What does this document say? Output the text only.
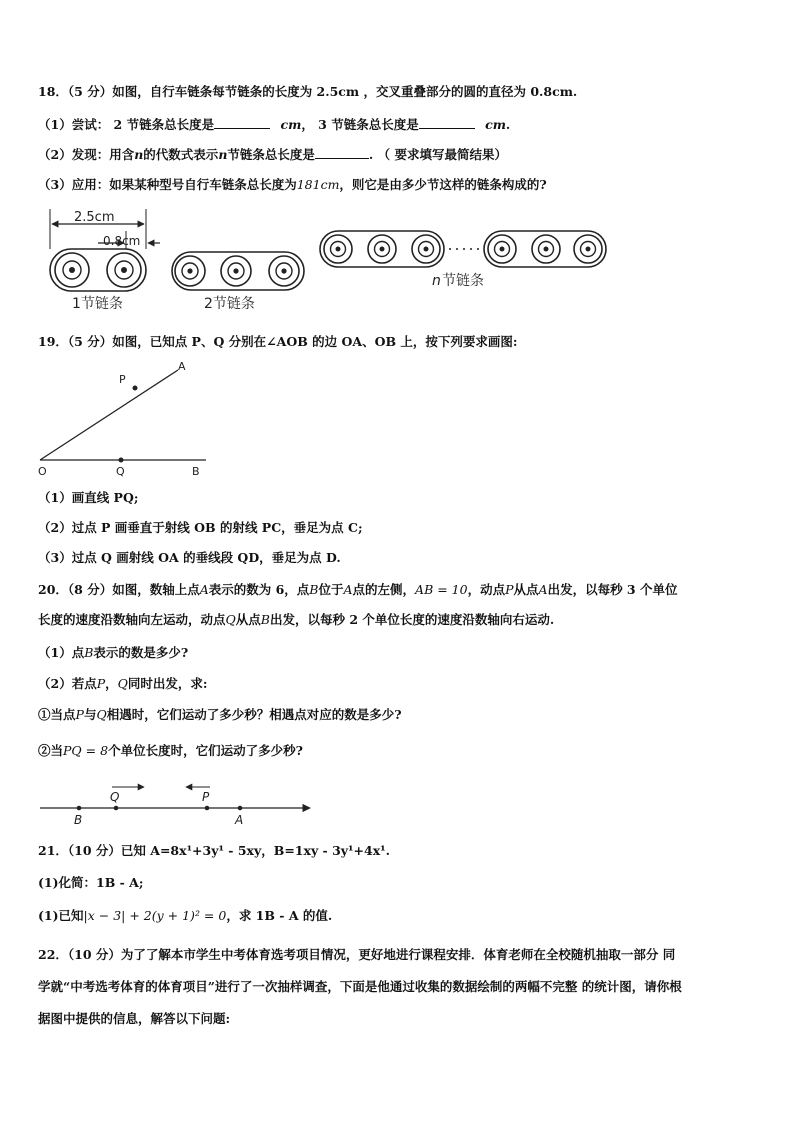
18．（5 分）如图，自行车链条每节链条的长度为 2.5cm ，交叉重叠部分的圆的直径为 0.8cm.
（1）尝试： 2 节链条总长度是	cm， 3 节链条总长度是	cm.
（2）发现：用含n的代数式表示n节链条总长度是	. （ 要求填写最简结果）
（3）应用：如果某种型号自行车链条总长度为181cm，则它是由多少节这样的链条构成的?
2.5cm
0.8cm
1节链条	2节链条
n 节链条
19．（5 分）如图，已知点 P、Q 分别在∠AOB 的边 OA、OB 上，按下列要求画图:
A
P
O	Q	B
（1）画直线 PQ;
（2）过点 P 画垂直于射线 OB 的射线 PC，垂足为点 C;
（3）过点 Q 画射线 OA 的垂线段 QD，垂足为点 D.
20．（8 分）如图，数轴上点A表示的数为 6，点B位于A点的左侧，AB = 10，动点P从点A出发，以每秒 3 个单位
长度的速度沿数轴向左运动，动点Q从点B出发，以每秒 2 个单位长度的速度沿数轴向右运动.
（1）点B表示的数是多少?
（2）若点P，Q同时出发，求:
①当点P与Q相遇时，它们运动了多少秒？相遇点对应的数是多少?
②当PQ = 8个单位长度时，它们运动了多少秒?
Q	P
B	A
21．（10 分）已知 A=8x¹+3y¹ - 5xy，B=1xy - 3y¹+4x¹.
(1)化简：1B - A;
(1)已知|x − 3| + 2(y + 1)² = 0，求 1B - A 的值.
22．（10 分）为了了解本市学生中考体育选考项目情况，更好地进行课程安排．体育老师在全校随机抽取一部分 同
学就“中考选考体育的体育项目”进行了一次抽样调查，下面是他通过收集的数据绘制的两幅不完整 的统计图，请你根
据图中提供的信息，解答以下问题:
